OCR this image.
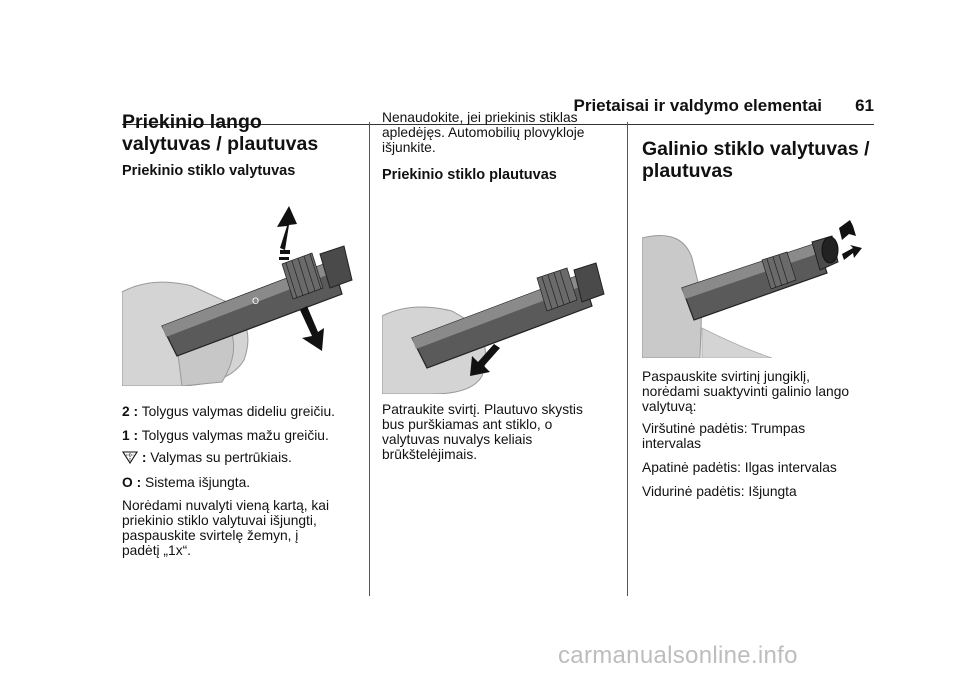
Prietaisai ir valdymo elementai 61
Priekinio lango
valytuvas / plautuvas
Priekinio stiklo valytuvas
O
1
2
2 : Tolygus valymas dideliu greičiu.
1 : Tolygus valymas mažu greičiu.
: Valymas su pertrūkiais.
O : Sistema išjungta.
Norėdami nuvalyti vieną kartą, kai
priekinio stiklo valytuvai išjungti,
paspauskite svirtelę žemyn, į
padėtį „1x“.
Nenaudokite, jei priekinis stiklas
apledėjęs. Automobilių plovykloje
išjunkite.
Priekinio stiklo plautuvas
Patraukite svirtį. Plautuvo skystis
bus purškiamas ant stiklo, o
valytuvas nuvalys keliais
brūkštelėjimais.
Galinio stiklo valytuvas /
plautuvas
Paspauskite svirtinį jungiklį,
norėdami suaktyvinti galinio lango
valytuvą:
Viršutinė padėtis: Trumpas
intervalas
Apatinė padėtis: Ilgas intervalas
Vidurinė padėtis: Išjungta
carmanualsonline.info
